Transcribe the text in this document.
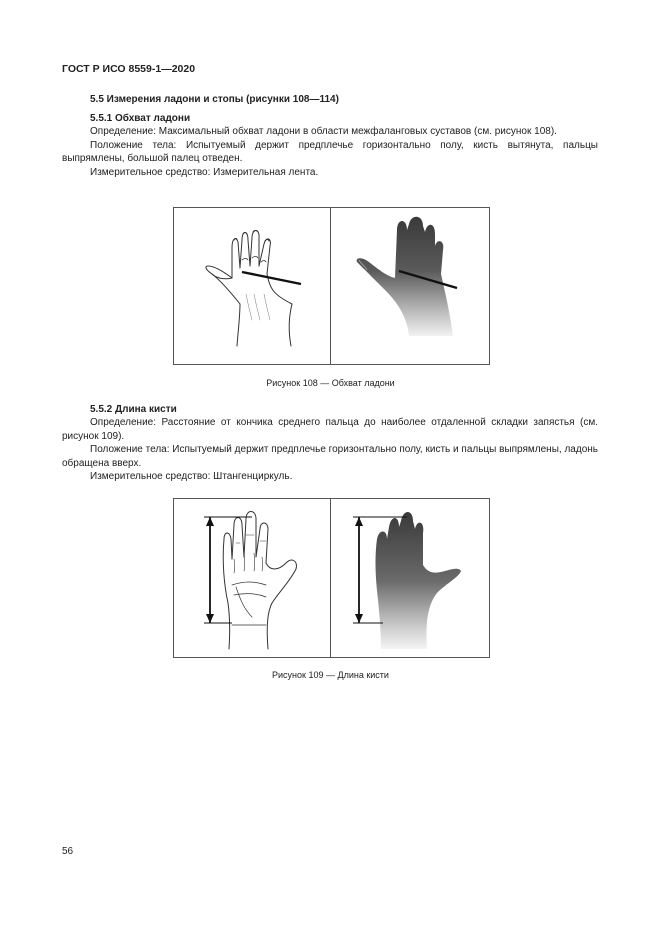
ГОСТ Р ИСО 8559-1—2020
5.5 Измерения ладони и стопы (рисунки 108—114)
5.5.1 Обхват ладони

Определение: Максимальный обхват ладони в области межфаланговых суставов (см. рисунок 108).

Положение тела: Испытуемый держит предплечье горизонтально полу, кисть вытянута, пальцы выпрямлены, большой палец отведен.

Измерительное средство: Измерительная лента.

Рисунок 108 — Обхват ладони
5.5.2 Длина кисти

Определение: Расстояние от кончика среднего пальца до наиболее отдаленной складки запястья (см. рисунок 109).

Положение тела: Испытуемый держит предплечье горизонтально полу, кисть и пальцы выпрямлены, ладонь обращена вверх.

Измерительное средство: Штангенциркуль.

Рисунок 109 — Длина кисти
56
